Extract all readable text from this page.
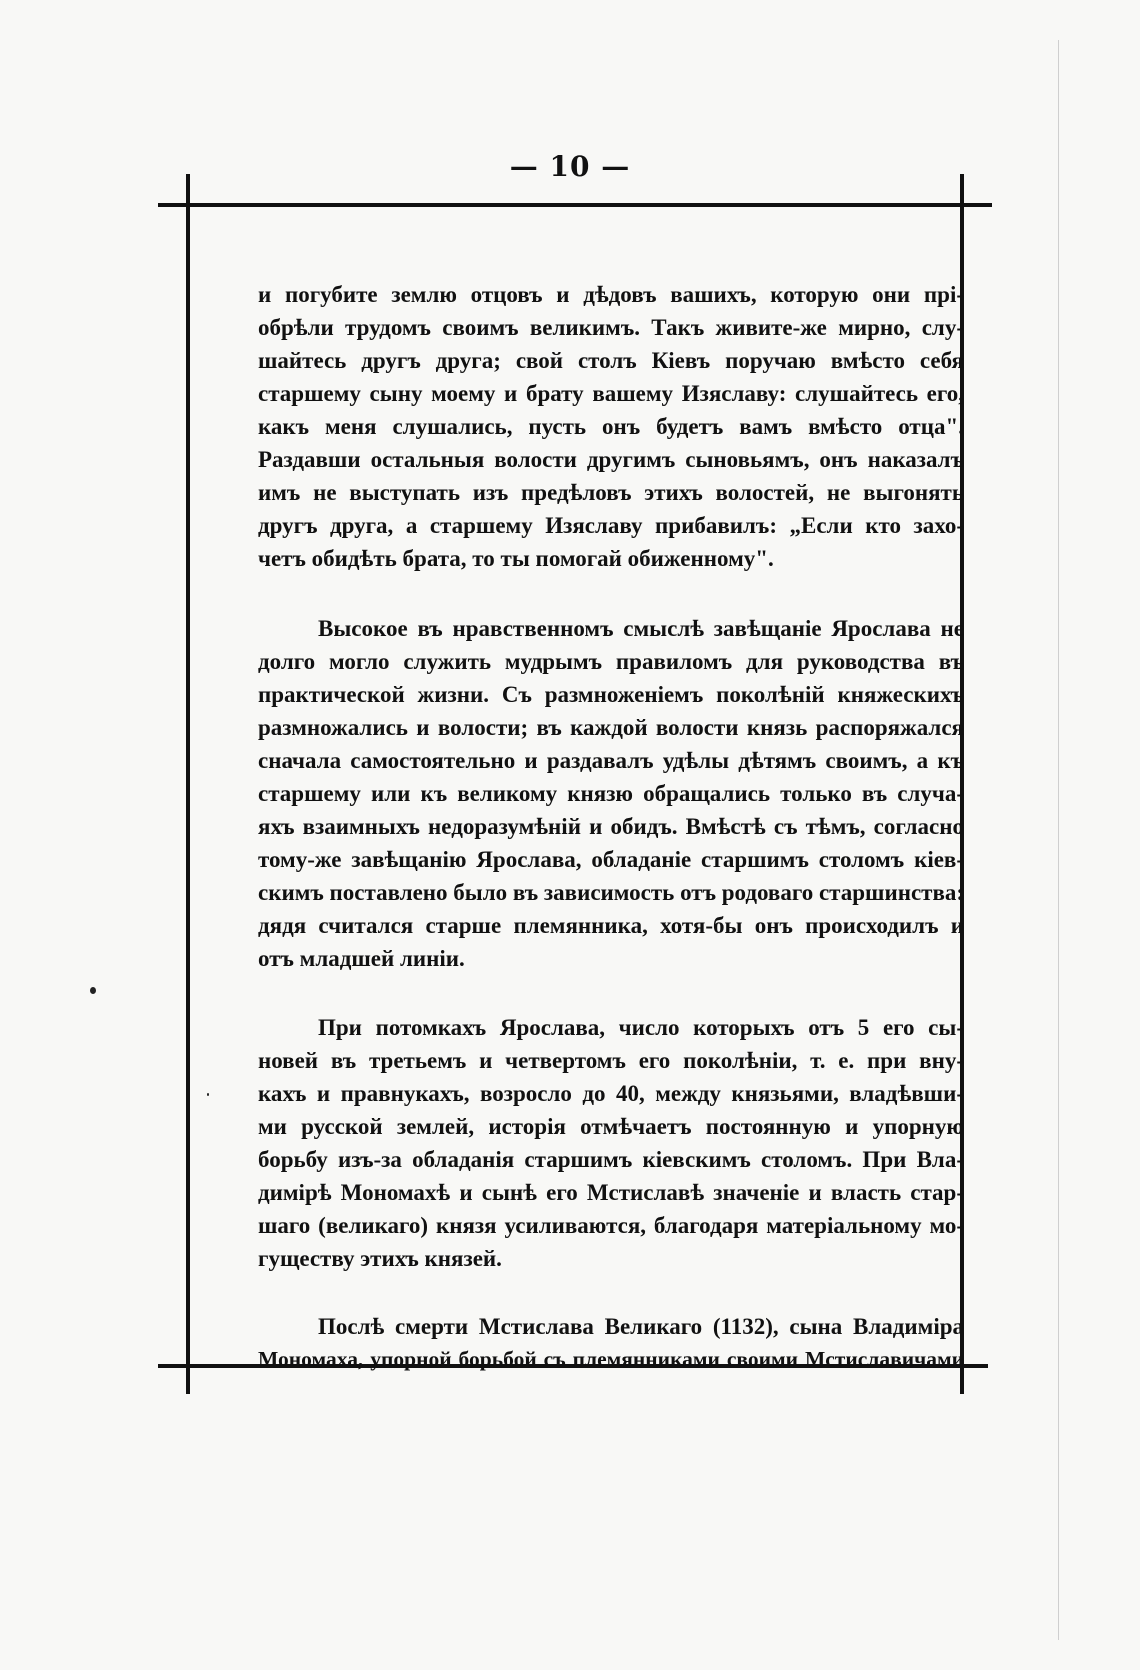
— 10 —
и погубите землю отцовъ и дѣдовъ вашихъ, которую они прі-
обрѣли трудомъ своимъ великимъ. Такъ живите-же мирно, слу-
шайтесь другъ друга; свой столъ Кіевъ поручаю вмѣсто себя
старшему сыну моему и брату вашему Изяславу: слушайтесь его,
какъ меня слушались, пусть онъ будетъ вамъ вмѣсто отца".
Раздавши остальныя волости другимъ сыновьямъ, онъ наказалъ
имъ не выступать изъ предѣловъ этихъ волостей, не выгонять
другъ друга, а старшему Изяславу прибавилъ: „Если кто захо-
четъ обидѣть брата, то ты помогай обиженному".
Высокое въ нравственномъ смыслѣ завѣщаніе Ярослава не
долго могло служить мудрымъ правиломъ для руководства въ
практической жизни. Съ размноженіемъ поколѣній княжескихъ
размножались и волости; въ каждой волости князь распоряжался
сначала самостоятельно и раздавалъ удѣлы дѣтямъ своимъ, а къ
старшему или къ великому князю обращались только въ случа-
яхъ взаимныхъ недоразумѣній и обидъ. Вмѣстѣ съ тѣмъ, согласно
тому-же завѣщанію Ярослава, обладаніе старшимъ столомъ кіев-
скимъ поставлено было въ зависимость отъ родоваго старшинства:
дядя считался старше племянника, хотя-бы онъ происходилъ и
отъ младшей линіи.
При потомкахъ Ярослава, число которыхъ отъ 5 его сы-
новей въ третьемъ и четвертомъ его поколѣніи, т. е. при вну-
кахъ и правнукахъ, возросло до 40, между князьями, владѣвши-
ми русской землей, исторія отмѣчаетъ постоянную и упорную
борьбу изъ-за обладанія старшимъ кіевскимъ столомъ. При Вла-
димірѣ Мономахѣ и сынѣ его Мстиславѣ значеніе и власть стар-
шаго (великаго) князя усиливаются, благодаря матеріальному мо-
гуществу этихъ князей.
Послѣ смерти Мстислава Великаго (1132), сына Владиміра
Мономаха, упорной борьбой съ племянниками своими Мстиславичами
